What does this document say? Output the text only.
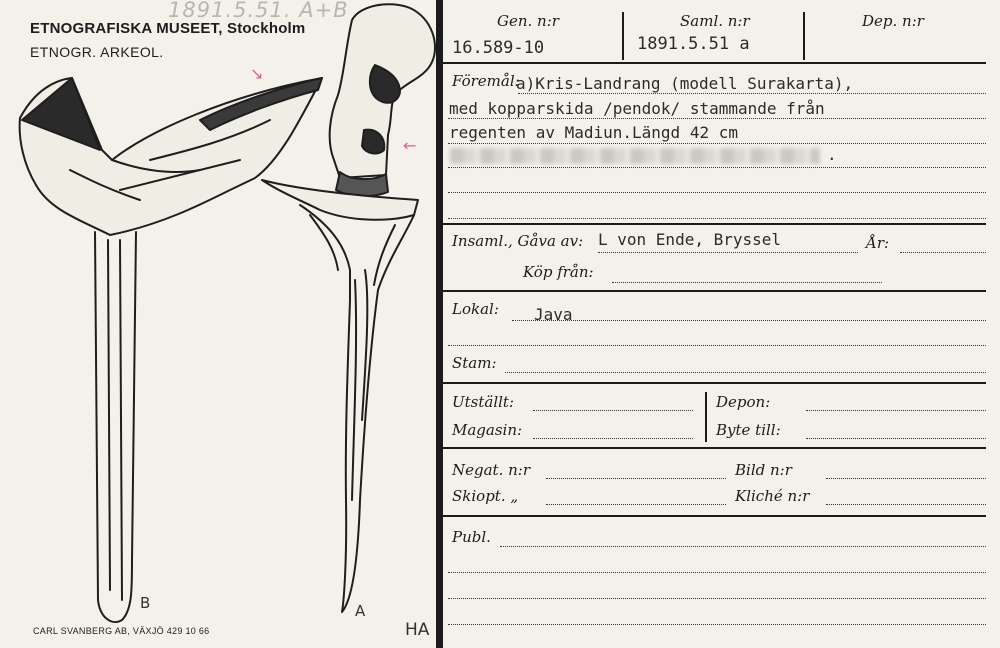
ETNOGRAFISKA MUSEET, Stockholm
ETNOGR. ARKEOL.
1891.5.51. A+B
↘
←
B	A
CARL SVANBERG AB, VÄXJÖ 429 10 66	HA
Gen. n:r
16.589-10
Saml. n:r
1891.5.51 a
Dep. n:r
Föremål:
a)Kris-Landrang (modell Surakarta),
med kopparskida /pendok/ stammande från
regenten av Madiun.Längd 42 cm
.
Insaml., Gåva av: L von Ende, Bryssel	År:
Köp från:
Lokal: Java
Stam:
Utställt:
Magasin:
Depon:
Byte till:
Negat. n:r	Bild n:r
Skiopt. „	Kliché n:r
Publ.
